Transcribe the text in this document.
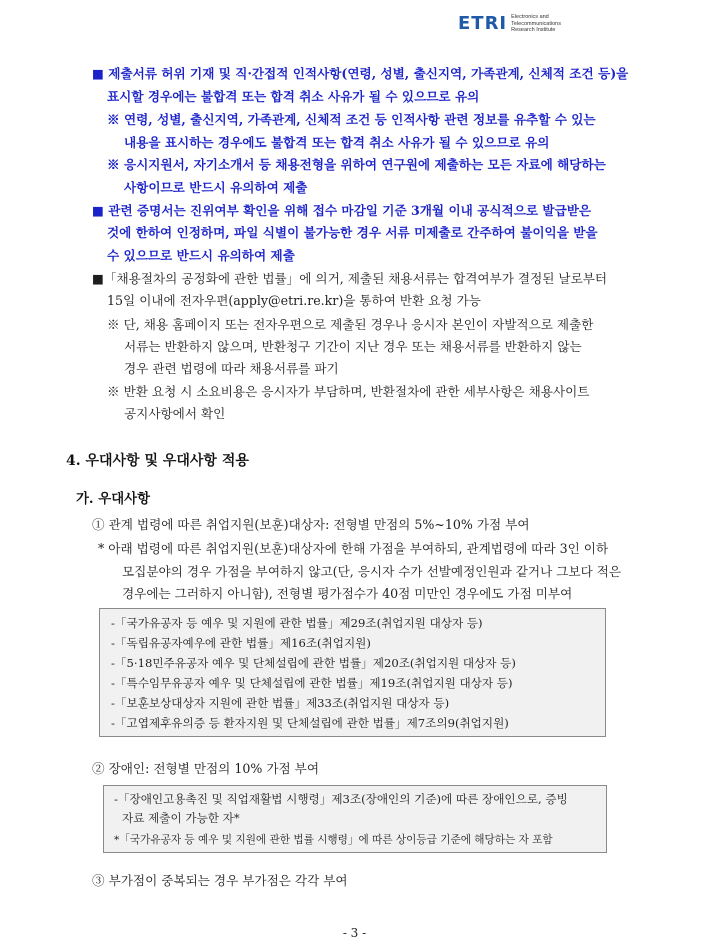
ETRI Electronics and Telecommunications
Research Institute
■ 제출서류 허위 기재 및 직·간접적 인적사항(연령, 성별, 출신지역, 가족관계, 신체적 조건 등)을
표시할 경우에는 불합격 또는 합격 취소 사유가 될 수 있으므로 유의
※ 연령, 성별, 출신지역, 가족관계, 신체적 조건 등 인적사항 관련 정보를 유추할 수 있는
내용을 표시하는 경우에도 불합격 또는 합격 취소 사유가 될 수 있으므로 유의
※ 응시지원서, 자기소개서 등 채용전형을 위하여 연구원에 제출하는 모든 자료에 해당하는
사항이므로 반드시 유의하여 제출
■ 관련 증명서는 진위여부 확인을 위해 접수 마감일 기준 3개월 이내 공식적으로 발급받은
것에 한하여 인정하며, 파일 식별이 불가능한 경우 서류 미제출로 간주하여 불이익을 받을
수 있으므로 반드시 유의하여 제출
■「채용절차의 공정화에 관한 법률」에 의거, 제출된 채용서류는 합격여부가 결정된 날로부터
15일 이내에 전자우편(apply@etri.re.kr)을 통하여 반환 요청 가능
※ 단, 채용 홈페이지 또는 전자우편으로 제출된 경우나 응시자 본인이 자발적으로 제출한
서류는 반환하지 않으며, 반환청구 기간이 지난 경우 또는 채용서류를 반환하지 않는
경우 관련 법령에 따라 채용서류를 파기
※ 반환 요청 시 소요비용은 응시자가 부담하며, 반환절차에 관한 세부사항은 채용사이트
공지사항에서 확인
4. 우대사항 및 우대사항 적용
가. 우대사항
① 관계 법령에 따른 취업지원(보훈)대상자: 전형별 만점의 5%~10% 가점 부여
* 아래 법령에 따른 취업지원(보훈)대상자에 한해 가점을 부여하되, 관계법령에 따라 3인 이하
모집분야의 경우 가점을 부여하지 않고(단, 응시자 수가 선발예정인원과 같거나 그보다 적은
경우에는 그러하지 아니함), 전형별 평가점수가 40점 미만인 경우에도 가점 미부여
-「국가유공자 등 예우 및 지원에 관한 법률」제29조(취업지원 대상자 등)
-「독립유공자예우에 관한 법률」제16조(취업지원)
-「5·18민주유공자 예우 및 단체설립에 관한 법률」제20조(취업지원 대상자 등)
-「특수임무유공자 예우 및 단체설립에 관한 법률」제19조(취업지원 대상자 등)
-「보훈보상대상자 지원에 관한 법률」제33조(취업지원 대상자 등)
-「고엽제후유의증 등 환자지원 및 단체설립에 관한 법률」제7조의9(취업지원)
② 장애인: 전형별 만점의 10% 가점 부여
-「장애인고용촉진 및 직업재활법 시행령」제3조(장애인의 기준)에 따른 장애인으로, 증빙
자료 제출이 가능한 자*
*「국가유공자 등 예우 및 지원에 관한 법률 시행령」에 따른 상이등급 기준에 해당하는 자 포함
③ 부가점이 중복되는 경우 부가점은 각각 부여
- 3 -
